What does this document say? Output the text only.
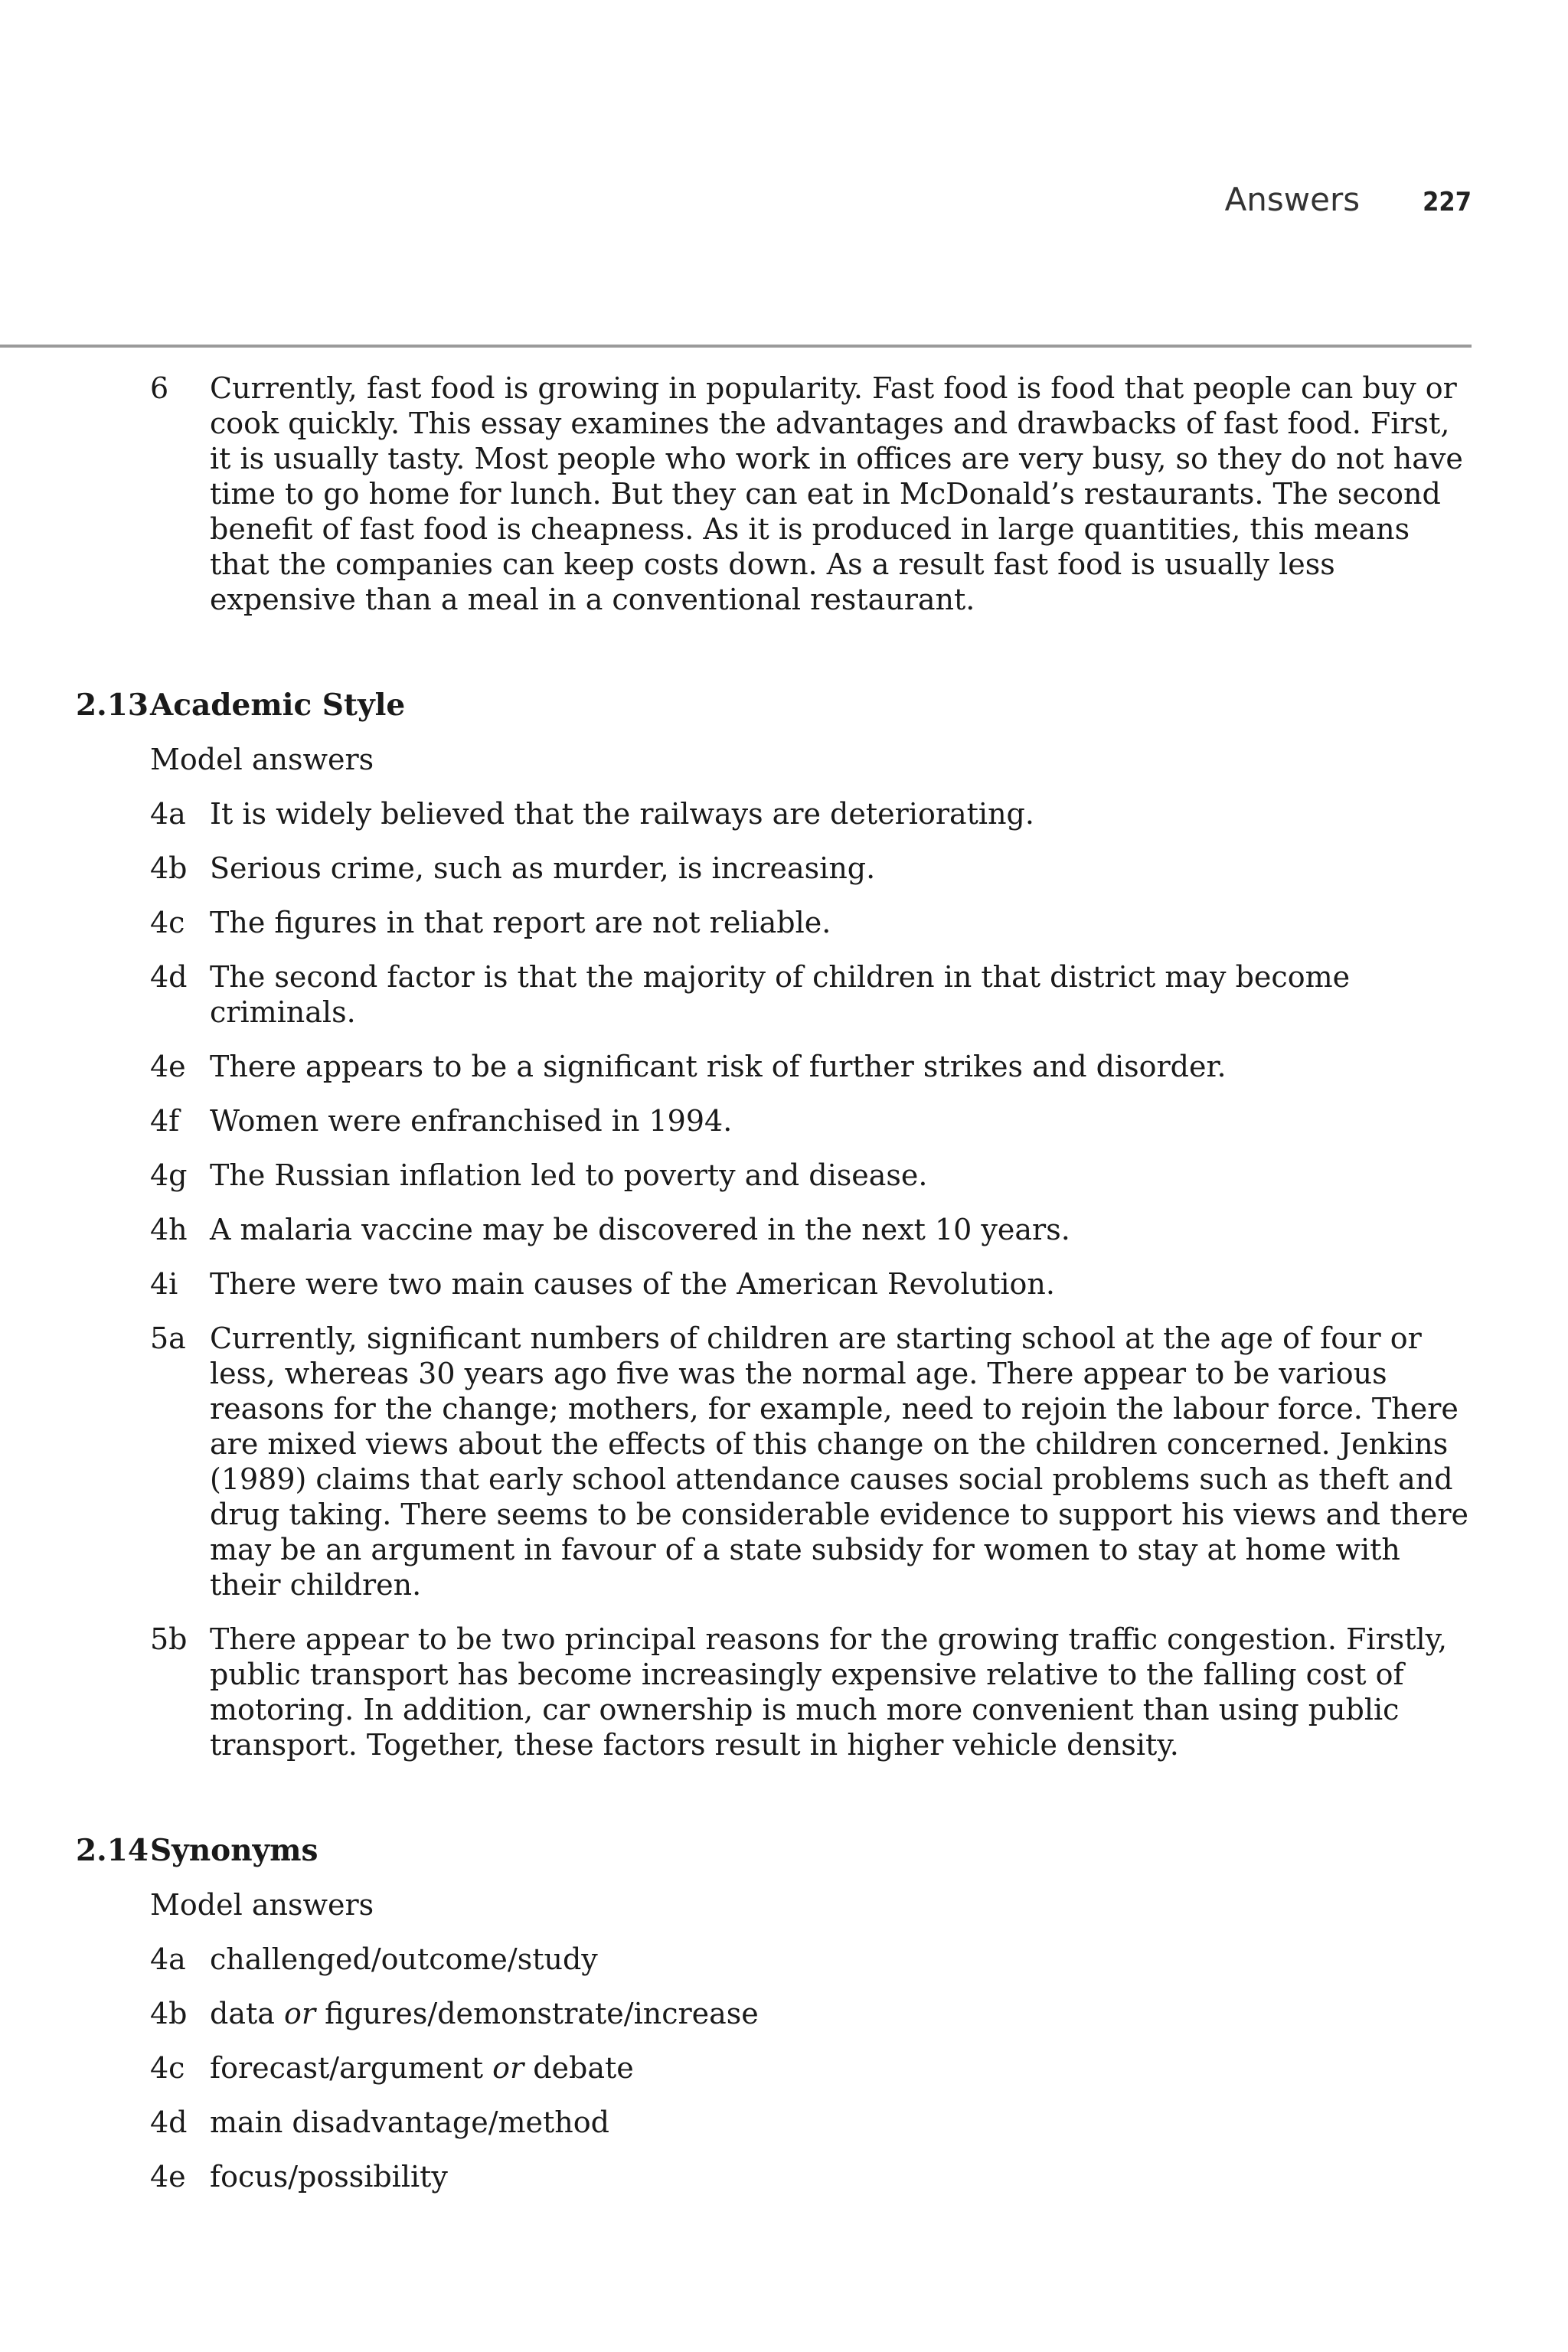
Answers 227
6 Currently, fast food is growing in popularity. Fast food is food that people can buy or cook quickly. This essay examines the advantages and drawbacks of fast food. First, it is usually tasty. Most people who work in offices are very busy, so they do not have time to go home for lunch. But they can eat in McDonald’s restaurants. The second benefit of fast food is cheapness. As it is produced in large quantities, this means that the companies can keep costs down. As a result fast food is usually less expensive than a meal in a conventional restaurant.
2.13 Academic Style
Model answers
4a It is widely believed that the railways are deteriorating.
4b Serious crime, such as murder, is increasing.
4c The figures in that report are not reliable.
4d The second factor is that the majority of children in that district may become criminals.
4e There appears to be a significant risk of further strikes and disorder.
4f Women were enfranchised in 1994.
4g The Russian inflation led to poverty and disease.
4h A malaria vaccine may be discovered in the next 10 years.
4i There were two main causes of the American Revolution.
5a Currently, significant numbers of children are starting school at the age of four or less, whereas 30 years ago five was the normal age. There appear to be various reasons for the change; mothers, for example, need to rejoin the labour force. There are mixed views about the effects of this change on the children concerned. Jenkins (1989) claims that early school attendance causes social problems such as theft and drug taking. There seems to be considerable evidence to support his views and there may be an argument in favour of a state subsidy for women to stay at home with their children.
5b There appear to be two principal reasons for the growing traffic congestion. Firstly, public transport has become increasingly expensive relative to the falling cost of motoring. In addition, car ownership is much more convenient than using public transport. Together, these factors result in higher vehicle density.
2.14 Synonyms
Model answers
4a challenged/outcome/study
4b data or figures/demonstrate/increase
4c forecast/argument or debate
4d main disadvantage/method
4e focus/possibility
